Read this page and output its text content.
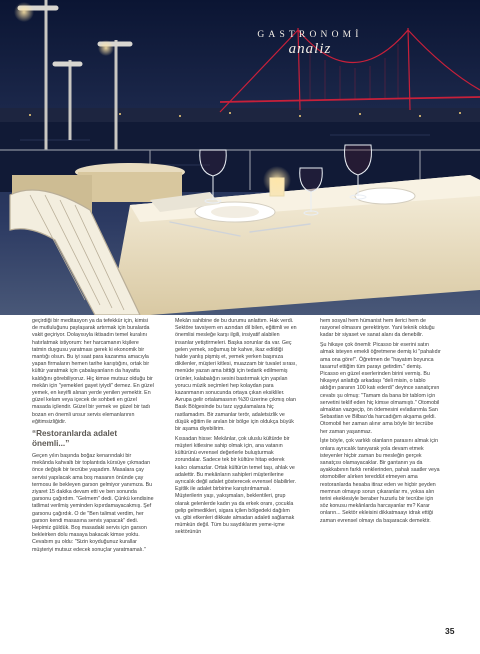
GASTRONOMİ
analiz

geçirdiği bir meditasyon ya da tefekkür için, kimisi de mutluluğunu paylaşarak artırmak için buralarda vakit geçiriyor. Dolayısıyla iktisadın temel kuralını hatırlatmak istiyorum: her harcamanın kişilere tatmin duygusu yaratması gerek ki ekonomik bir mantığı olsun. Bu iyi saat para kazanma amacıyla yapan firmaların hemen tarihe karıştığını, ortak bir kültür yaratmak için çabalayanların da hayatta kaldığını görebiliyoruz. Hiç kimse mutsuz olduğu bir mekân için "yemekleri gayet iyiydi" demez. En güzel yemek, en keyifli alınan yerde yenilen yemektir. En güzel kelam veya içecek de sohbeti en güzel masada içilendir. Güzel bir yemek ve güzel bir tadı bozan en önemli unsur servis elemanlarının eğitimsizliğidir.

“Restoranlarda adalet önemli...”

Geçen yılın başında boğaz kenarındaki bir mekânda kahvaltı bir toplantıda kürsüye çıkmadan önce değişik bir tecrübe yaşadım. Masalara çay servisi yapılacak ama boş masanın önünde çay termosu ile bekleyen garson gelmiyor yanımıza. Bu ziyaret 15 dakika devam etti ve ben sonunda garsonu çağırdım. "Gelmem" dedi. Çünkü kendisine tatlimat verilmiş yeminden kıpırdamayacakmış. Şef garsonu çağırdık. O de "Ben talimat verdim, her garson kendi masasına servis yapacak" dedi. Hepimiz güldük. Boş masadaki servis için garson bekleirken dolu masaya bakacak kimse yoktu. Cevabım şu oldu: "Sizin koyduğunuz kurallar müşteriyi mutsuz edecek sonuçlar yaratmamalı."

Mekân sahibine de bu durumu anlattım. Hak verdi. Sektöre tavsiyem en azından dil bilen, eğitimli ve en önemlisi mesleğe karşı ilgili, insiyatif alabilen insanlar yetiştirmeleri. Başka sorunlar da var. Geç gelen yemek, soğumuş bir kahve, ikaz edildiği halde yanlış pişmiş et, yemek yerken başınıza dikilenler, müşteri kitlesi, muazzam bir tuvalet sırası, menüde yazan ama bittiği için tedarik edilmemiş ürünler, kalabalığın sesini bastırmak için yapılan yorucu müzik seçimleri hep kolaydan para kazanmanın sonucunda ortaya çıkan eksikliler. Avrupa gelir ortalamasının %30 üzerine çıkmış olan Bask Bölgesinde bu tarz uygulamalara hiç rastlamadım. Bir zamanlar terör, adaletsizlik ve düşük eğitim ile anılan bir bölge için oldukça büyük bir aşama diyebilirim.

Kıssadan hisse: Mekânlar, çok uluslu kültürde bir müşteri kitlesine sahip olmak için, ana vatanın kültürünü evrensel değerlerle buluşturmak zorundalar. Sadece tek bir kültüre hitap ederek kalıcı olamazlar. Ortak kültürün temel taşı, ahlak ve adalettir. Bu mekânların sahipleri müşterilerine ayrıcalık değil adalet gösterecek evrensel ölabilirler. Eşitlik ile adalet birbirine karıştırılmamalı. Müşterilerin yaşı, yakışmaları, beklentileri, grup olarak gelenlerde kadın ya da erkek oranı, çocukla gelip gelmedikleri, sigara içilen bölgedeki dağılım vs. gibi etkenleri dikkate almadan adaleti sağlamak mümkün değil. Tüm bu saydıklarım yeme-içme sektörünün

hem sosyal hem hümanist hem ilerici hem de rasyonel olmasını gerektiriyor. Yani teknik olduğu kadar bir siyaset ve sanat alanı da denebilir.

Şu hikaye çok önemli: Picasso bir eserini satın almak isteyen emekli öğretmene demiş ki "pahalıdır ama ona göre!". Öğretmen de "hayatım boyunca tasarruf ettiğim tüm parayı getirdim." demiş. Picasso en güzel eserlerinden birini vermiş. Bu hikayeyi anlattığı arkadaşı "deli misin, o tablo aldığın paranın 100 katı ederdi" deyince sanatçının cevabı şu olmuş: "Tamam da bana bir tablom için servetini teklif eden hiç kimse olmamıştı." Otomobil almaktan vazgeçip, ön ödemesini evlatlarımla San Sebastian ve Bilbao'da harcadığım akşama geldi. Otomobil her zaman alınır ama böyle bir tecrübe her zaman yaşanmaz.

İşte böyle, çok varlıklı olanların parasını almak için onlara ayrıcalık tanıyarak yola devam etmek isteyenler hiçbir zaman bu mesleğin gerçek sanatçısı olamayacaklar. Bir gantanın ya da ayakkabının farklı renklerinden, pahalı saatler veya otomobiller alırken tereddüt etmeyen ama restoranlarda hesaba itiraz eden ve hiçbir şeyden memnun olmayıp sorun çıkaranlar mı, yoksa alın terini ekeklesiyle beraber huzurlu bir tecrübe için söz konusu mekânlarda harcayanlar mı? Karar onların... Sektör ekleisini dikkatmaayı idrak ettiği zaman evrensel olmayı da başaracak demektir.

35
